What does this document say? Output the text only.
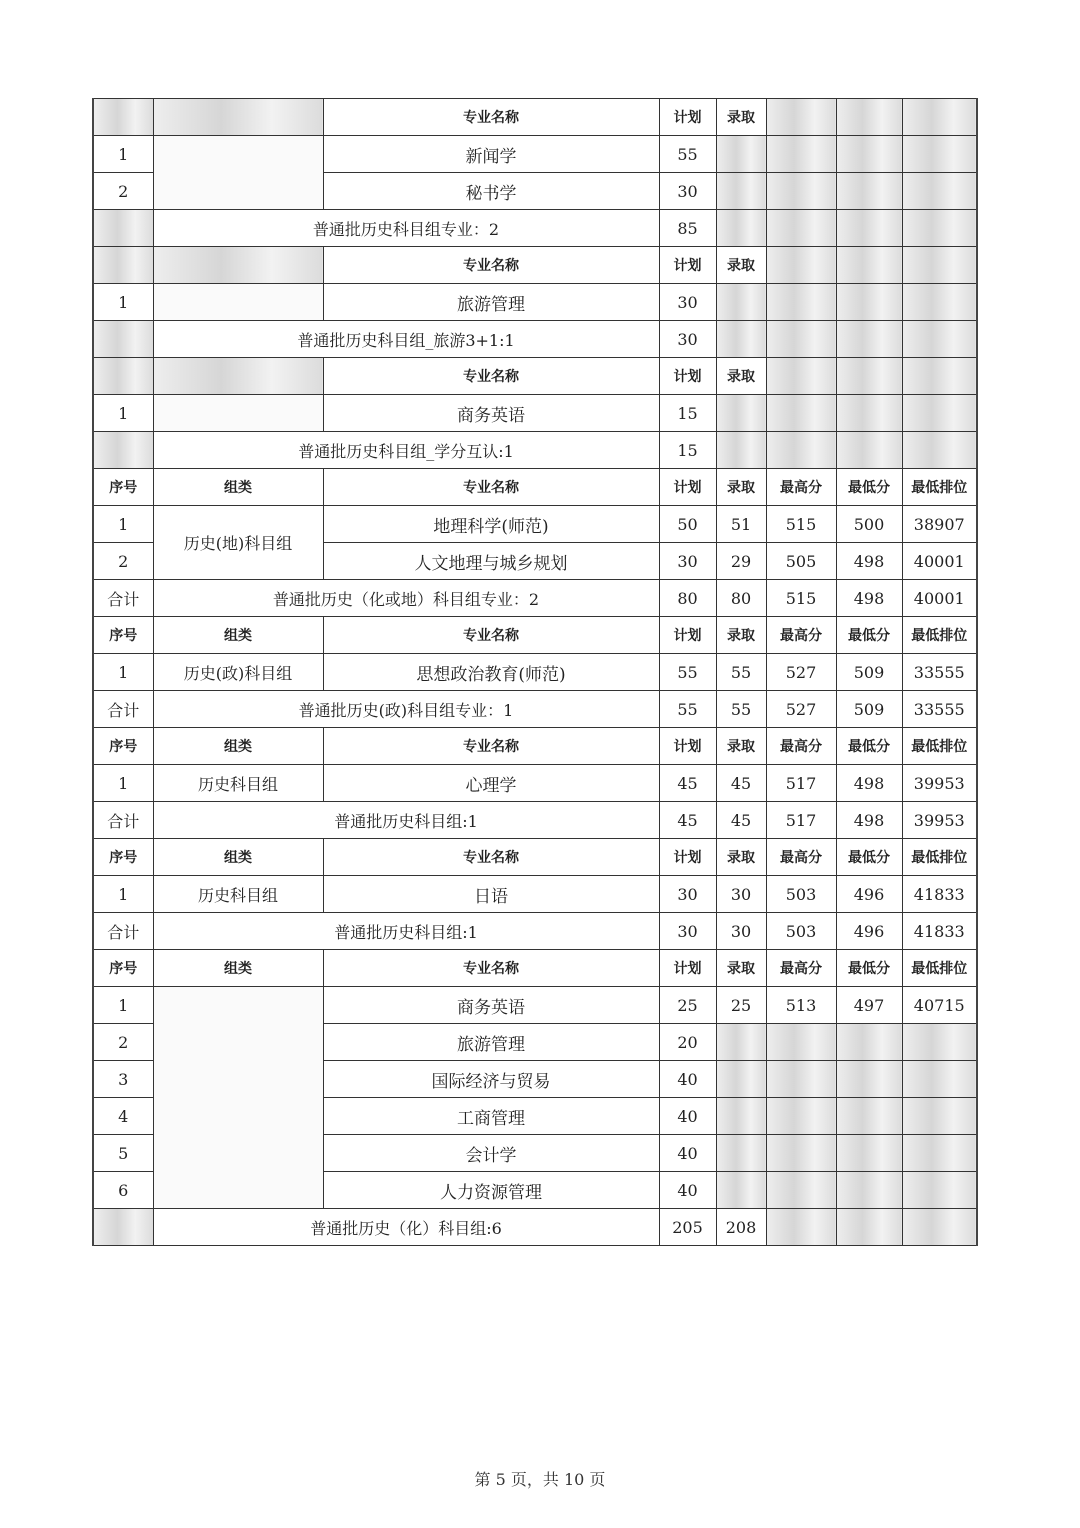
		专业名称	计划	录取			
1		新闻学	55				
2		秘书学	30				
	普通批历史科目组专业：2		85				
		专业名称	计划	录取			
1		旅游管理	30				
	普通批历史科目组_旅游3+1:1		30				
		专业名称	计划	录取			
1		商务英语	15				
	普通批历史科目组_学分互认:1		15				
序号	组类	专业名称	计划	录取	最高分	最低分	最低排位
1	历史(地)科目组	地理科学(师范)	50	51	515	500	38907
2		人文地理与城乡规划	30	29	505	498	40001
合计	普通批历史（化或地）科目组专业：2		80	80	515	498	40001
序号	组类	专业名称	计划	录取	最高分	最低分	最低排位
1	历史(政)科目组	思想政治教育(师范)	55	55	527	509	33555
合计	普通批历史(政)科目组专业：1		55	55	527	509	33555
序号	组类	专业名称	计划	录取	最高分	最低分	最低排位
1	历史科目组	心理学	45	45	517	498	39953
合计	普通批历史科目组:1		45	45	517	498	39953
序号	组类	专业名称	计划	录取	最高分	最低分	最低排位
1	历史科目组	日语	30	30	503	496	41833
合计	普通批历史科目组:1		30	30	503	496	41833
序号	组类	专业名称	计划	录取	最高分	最低分	最低排位
1		商务英语	25	25	513	497	40715
2		旅游管理	20				
3		国际经济与贸易	40				
4		工商管理	40				
5		会计学	40				
6		人力资源管理	40				
	普通批历史（化）科目组:6		205	208			
第 5 页，共 10 页
